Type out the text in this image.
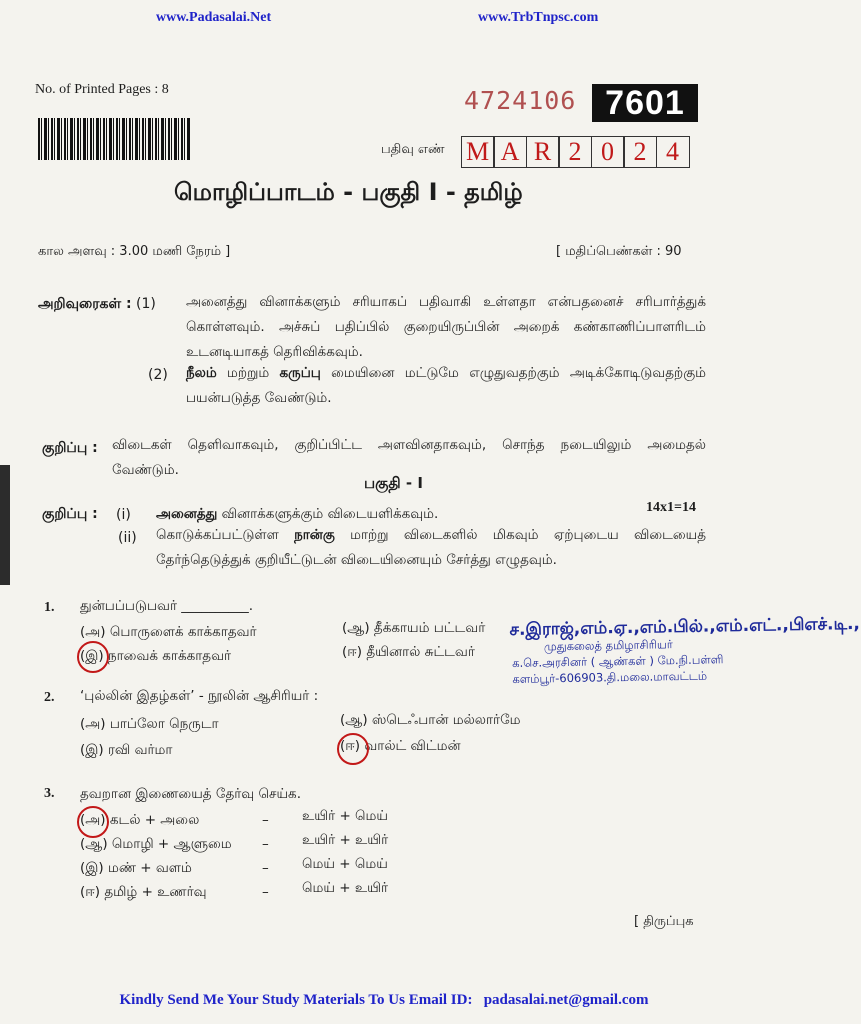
www.Padasalai.Net	www.TrbTnpsc.com
No. of Printed Pages : 8	4724106 7601
பதிவு எண் M A R 2 0 2 4
மொழிப்பாடம் - பகுதி I - தமிழ்
கால அளவு : 3.00 மணி நேரம் ]	[ மதிப்பெண்கள் : 90
அறிவுரைகள் : (1) அனைத்து வினாக்களும் சரியாகப் பதிவாகி உள்ளதா என்பதனைச் சரிபார்த்துக் கொள்ளவும். அச்சுப் பதிப்பில் குறையிருப்பின் அறைக் கண்காணிப்பாளரிடம் உடனடியாகத் தெரிவிக்கவும்.
(2) நீலம் மற்றும் கருப்பு மையினை மட்டுமே எழுதுவதற்கும் அடிக்கோடிடுவதற்கும் பயன்படுத்த வேண்டும்.
குறிப்பு : விடைகள் தெளிவாகவும், குறிப்பிட்ட அளவினதாகவும், சொந்த நடையிலும் அமைதல் வேண்டும்.
பகுதி - I
குறிப்பு : (i) அனைத்து வினாக்களுக்கும் விடையளிக்கவும்.	14x1=14
(ii) கொடுக்கப்பட்டுள்ள நான்கு மாற்று விடைகளில் மிகவும் ஏற்புடைய விடையைத் தேர்ந்தெடுத்துக் குறியீட்டுடன் விடையினையும் சேர்த்து எழுதவும்.
1. துன்பப்படுபவர் __________.
(அ) பொருளைக் காக்காதவர்	(ஆ) தீக்காயம் பட்டவர்
(இ) நாவைக் காக்காதவர்	(ஈ) தீயினால் சுட்டவர்
ச.இராஜ்,எம்.ஏ.,எம்.பில்.,எம்.எட்.,பிஎச்.டி.,
முதுகலைத் தமிழாசிரியர்
க.செ.அரசினர் ( ஆண்கள் ) மே.நி.பள்ளி
களம்பூர்-606903.தி.மலை.மாவட்டம்
2. ‘புல்லின் இதழ்கள்’ - நூலின் ஆசிரியர் :
(அ) பாப்லோ நெருடா	(ஆ) ஸ்டெஃபான் மல்லார்மே
(இ) ரவி வர்மா	(ஈ) வால்ட் விட்மன்
3. தவறான இணையைத் தேர்வு செய்க.
(அ) கடல் + அலை	– உயிர் + மெய்
(ஆ) மொழி + ஆளுமை – உயிர் + உயிர்
(இ) மண் + வளம்	– மெய் + மெய்
(ஈ) தமிழ் + உணர்வு	– மெய் + உயிர்
[ திருப்புக
Kindly Send Me Your Study Materials To Us Email ID: padasalai.net@gmail.com
